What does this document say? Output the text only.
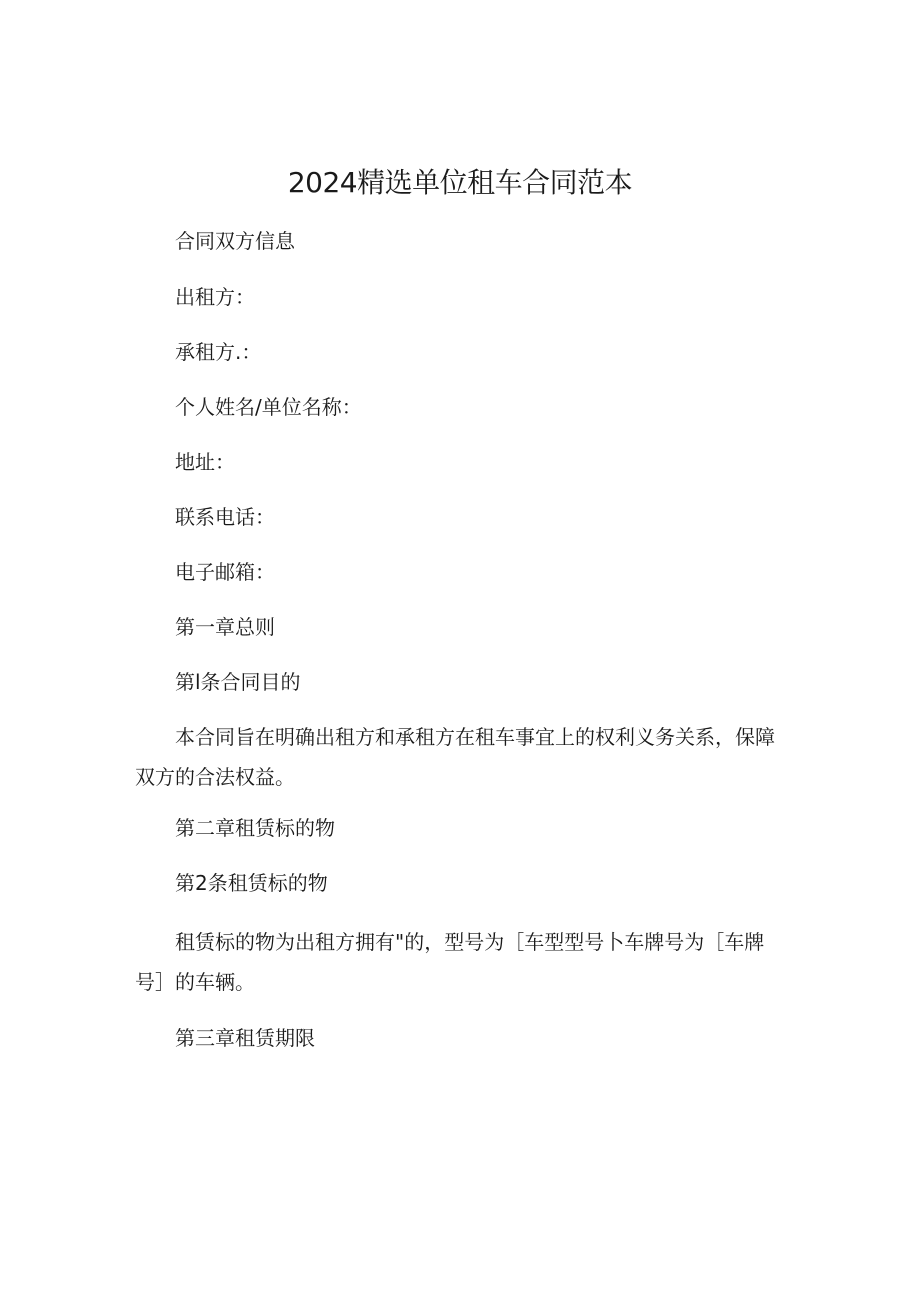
2024精选单位租车合同范本

合同双方信息

出租方：

承租方.：

个人姓名/单位名称：

地址：

联系电话：

电子邮箱：

第一章总则

第l条合同目的

本合同旨在明确出租方和承租方在租车事宜上的权利义务关系，保障双方的合法权益。

第二章租赁标的物

第2条租赁标的物

租赁标的物为出租方拥有"的，型号为［车型型号卜车牌号为［车牌号］的车辆。

第三章租赁期限
